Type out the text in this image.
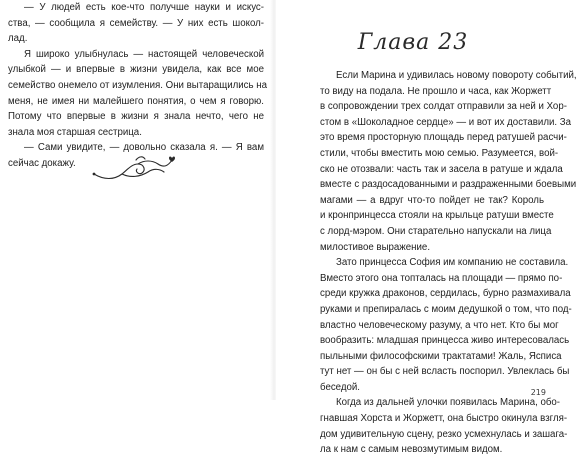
— У людей есть кое-что получше науки и искус-
ства, — сообщила я семейству. — У них есть шокол-
лад.
Я широко улыбнулась — настоящей человеческой
улыбкой — и впервые в жизни увидела, как все мое
семейство онемело от изумления. Они вытаращились на
меня, не имея ни малейшего понятия, о чем я говорю.
Потому что впервые в жизни я знала нечто, чего не
знала моя старшая сестрица.
— Сами увидите, — довольно сказала я. — Я вам
сейчас докажу.
Глава 23
Если Марина и удивилась новому повороту событий,
то виду на подала. Не прошло и часа, как Жоржетт
в сопровождении трех солдат отправили за ней и Хор-
стом в «Шоколадное сердце» — и вот их доставили. За
это время просторную площадь перед ратушей расчи-
стили, чтобы вместить мою семью. Разумеется, вой-
ско не отозвали: часть так и засела в ратуше и ждала
вместе с раздосадованными и раздраженными боевыми
магами — а вдруг что-то пойдет не так? Король
и кронпринцесса стояли на крыльце ратуши вместе
с лорд-мэром. Они старательно напускали на лица
милостивое выражение.
Зато принцесса София им компанию не составила.
Вместо этого она топталась на площади — прямо по-
среди кружка драконов, сердилась, бурно размахивала
руками и препиралась с моим дедушкой о том, что под-
властно человеческому разуму, а что нет. Кто бы мог
вообразить: младшая принцесса живо интересовалась
пыльными философскими трактатами! Жаль, Ясписа
тут нет — он бы с ней всласть поспорил. Увлеклась бы
беседой.
Когда из дальней улочки появилась Марина, обо-
гнавшая Хорста и Жоржетт, она быстро окинула взгля-
дом удивительную сцену, резко усмехнулась и зашага-
ла к нам с самым невозмутимым видом.
219
